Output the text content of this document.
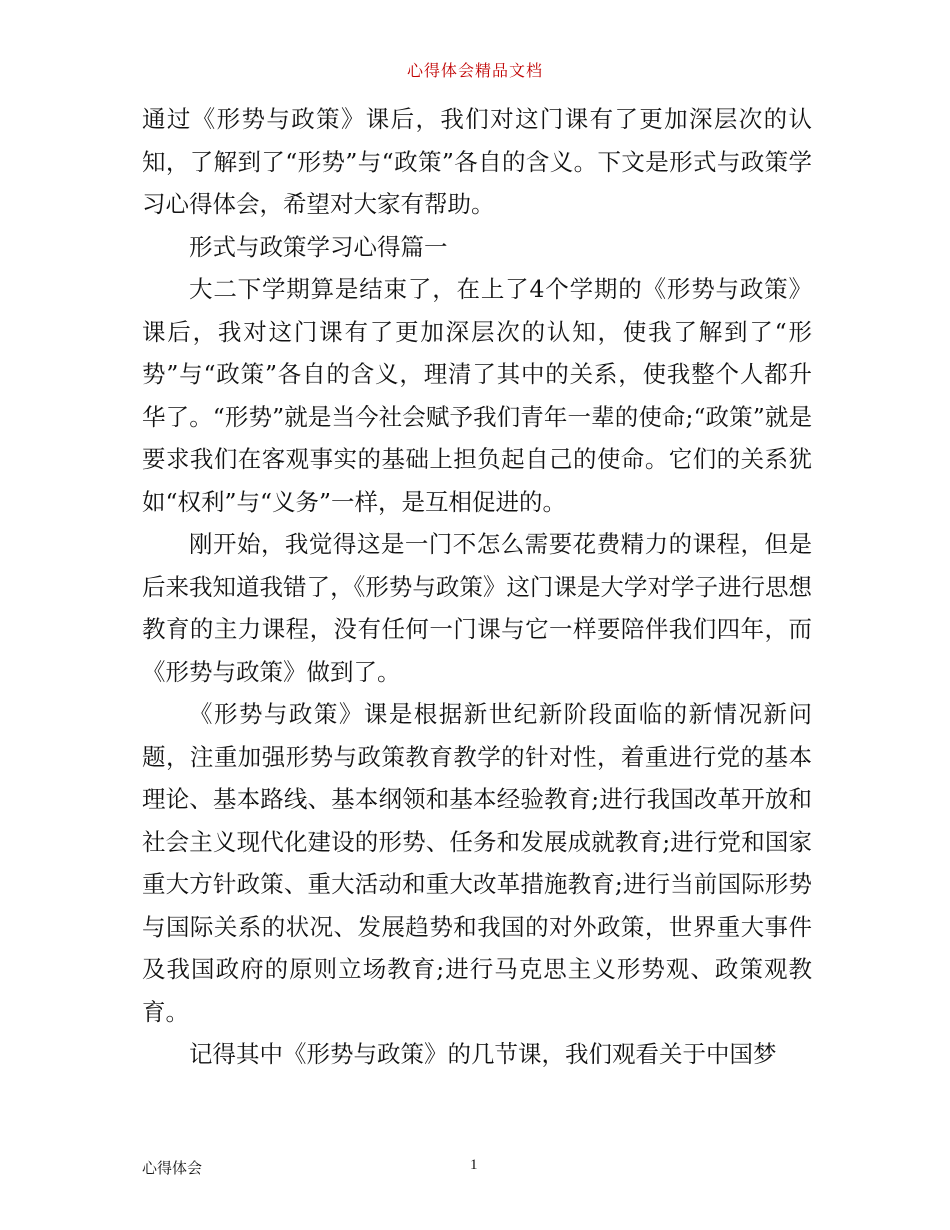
心得体会精品文档

通过《形势与政策》课后，我们对这门课有了更加深层次的认知，了解到了“形势”与“政策”各自的含义。下文是形式与政策学习心得体会，希望对大家有帮助。

形式与政策学习心得篇一

大二下学期算是结束了，在上了4个学期的《形势与政策》课后，我对这门课有了更加深层次的认知，使我了解到了“形势”与“政策”各自的含义，理清了其中的关系，使我整个人都升华了。“形势”就是当今社会赋予我们青年一辈的使命;“政策”就是要求我们在客观事实的基础上担负起自己的使命。它们的关系犹如“权利”与“义务”一样，是互相促进的。

刚开始，我觉得这是一门不怎么需要花费精力的课程，但是后来我知道我错了，《形势与政策》这门课是大学对学子进行思想教育的主力课程，没有任何一门课与它一样要陪伴我们四年，而《形势与政策》做到了。

《形势与政策》课是根据新世纪新阶段面临的新情况新问题，注重加强形势与政策教育教学的针对性，着重进行党的基本理论、基本路线、基本纲领和基本经验教育;进行我国改革开放和社会主义现代化建设的形势、任务和发展成就教育;进行党和国家重大方针政策、重大活动和重大改革措施教育;进行当前国际形势与国际关系的状况、发展趋势和我国的对外政策，世界重大事件及我国政府的原则立场教育;进行马克思主义形势观、政策观教育。

记得其中《形势与政策》的几节课，我们观看关于中国梦

心得体会	1
